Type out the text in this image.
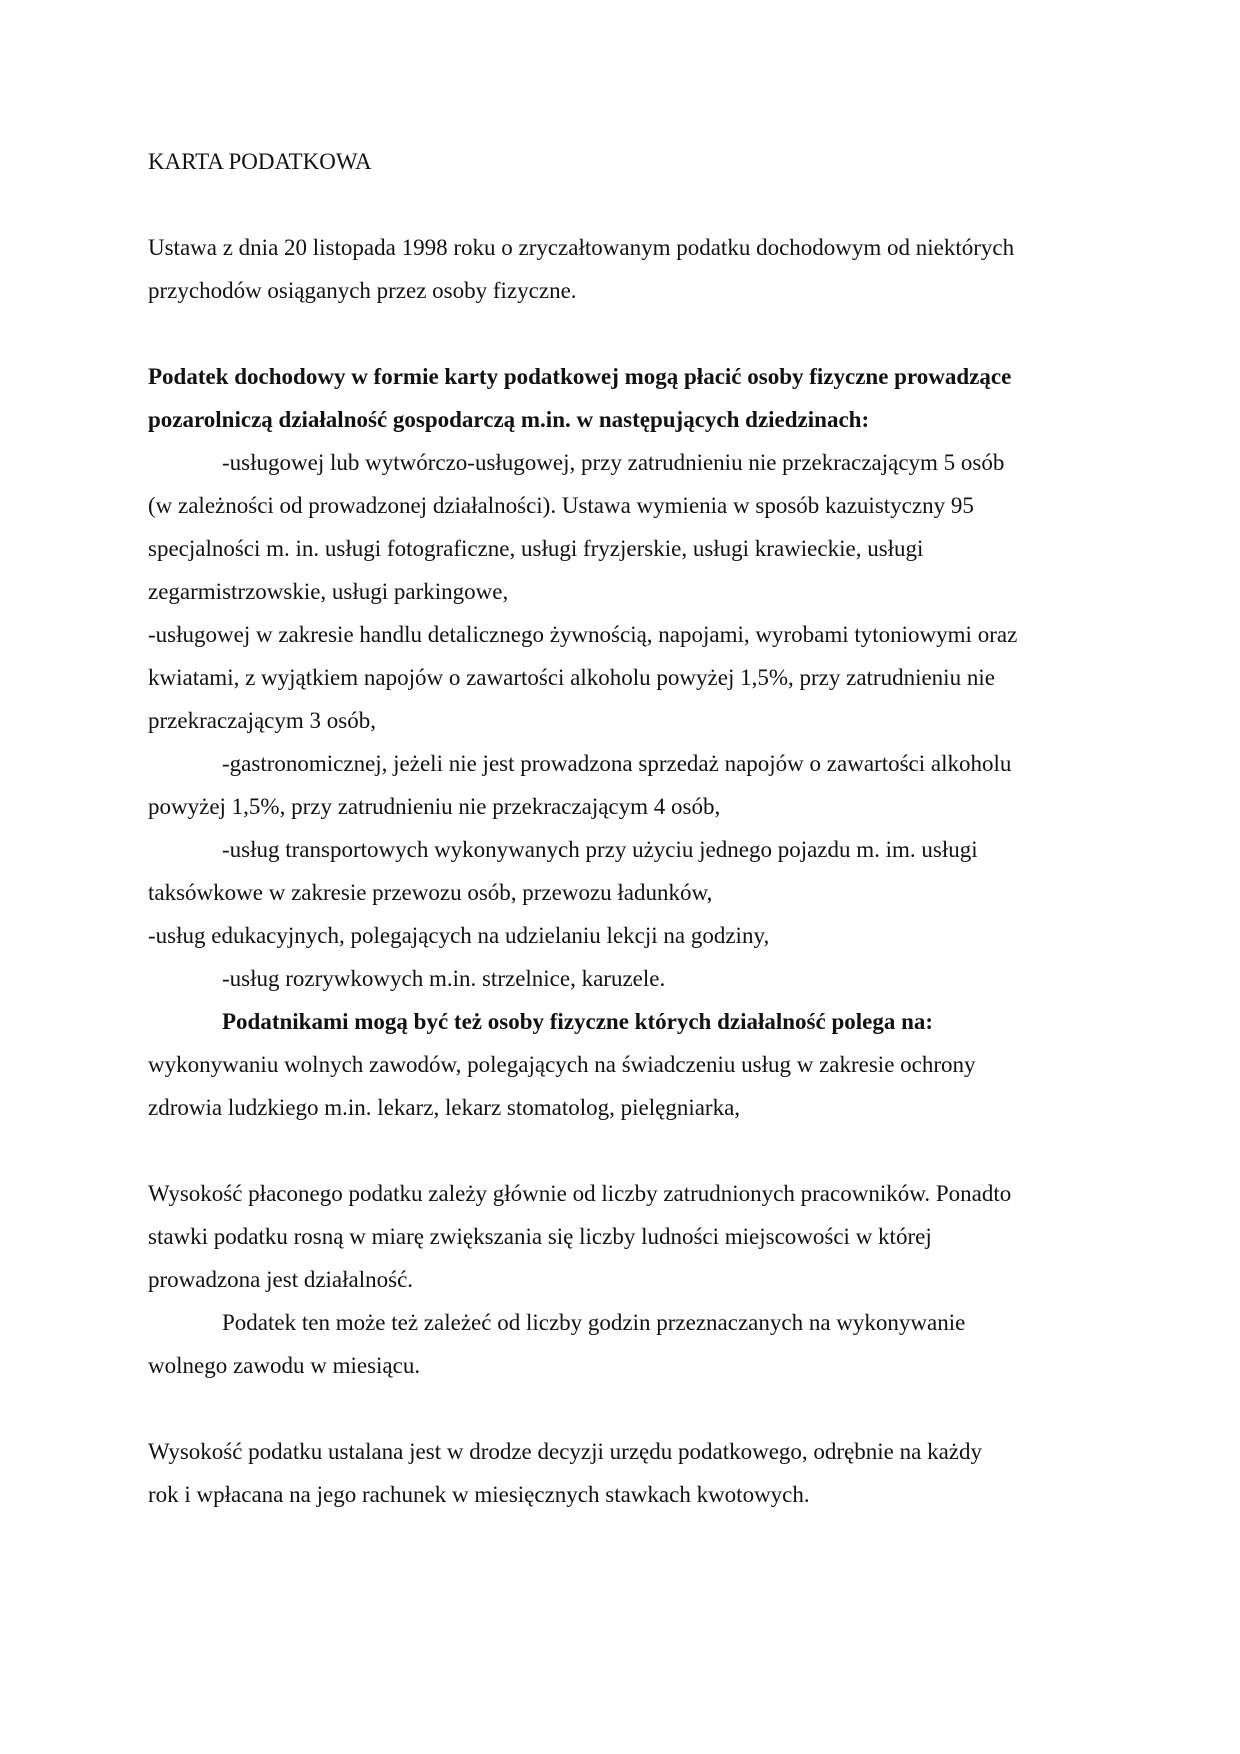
KARTA PODATKOWA
Ustawa z dnia 20 listopada 1998 roku o zryczałtowanym podatku dochodowym od niektórych
przychodów osiąganych przez osoby fizyczne.
Podatek dochodowy w formie karty podatkowej mogą płacić osoby fizyczne prowadzące
pozarolniczą działalność gospodarczą m.in. w następujących dziedzinach:
-usługowej lub wytwórczo-usługowej, przy zatrudnieniu nie przekraczającym 5 osób
(w zależności od prowadzonej działalności). Ustawa wymienia w sposób kazuistyczny 95
specjalności m. in. usługi fotograficzne, usługi fryzjerskie, usługi krawieckie, usługi
zegarmistrzowskie, usługi parkingowe,
-usługowej w zakresie handlu detalicznego żywnością, napojami, wyrobami tytoniowymi oraz
kwiatami, z wyjątkiem napojów o zawartości alkoholu powyżej 1,5%, przy zatrudnieniu nie
przekraczającym 3 osób,
-gastronomicznej, jeżeli nie jest prowadzona sprzedaż napojów o zawartości alkoholu
powyżej 1,5%, przy zatrudnieniu nie przekraczającym 4 osób,
-usług transportowych wykonywanych przy użyciu jednego pojazdu m. im. usługi
taksówkowe w zakresie przewozu osób, przewozu ładunków,
-usług edukacyjnych, polegających na udzielaniu lekcji na godziny,
-usług rozrywkowych m.in. strzelnice, karuzele.
Podatnikami mogą być też osoby fizyczne których działalność polega na:
wykonywaniu wolnych zawodów, polegających na świadczeniu usług w zakresie ochrony
zdrowia ludzkiego m.in. lekarz, lekarz stomatolog, pielęgniarka,
Wysokość płaconego podatku zależy głównie od liczby zatrudnionych pracowników. Ponadto
stawki podatku rosną w miarę zwiększania się liczby ludności miejscowości w której
prowadzona jest działalność.
Podatek ten może też zależeć od liczby godzin przeznaczanych na wykonywanie
wolnego zawodu w miesiącu.
Wysokość podatku ustalana jest w drodze decyzji urzędu podatkowego, odrębnie na każdy
rok i wpłacana na jego rachunek w miesięcznych stawkach kwotowych.
